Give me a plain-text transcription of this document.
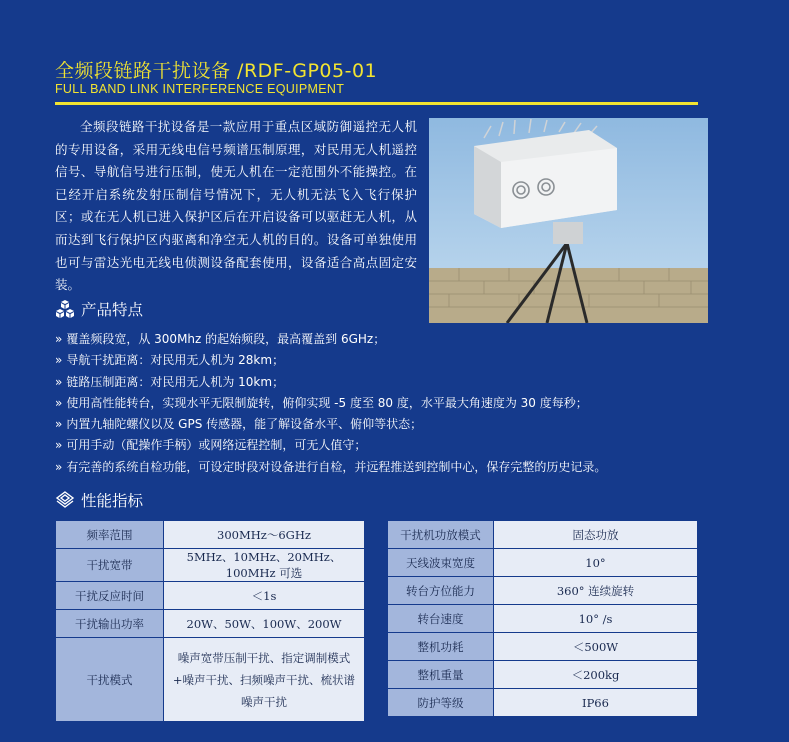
全频段链路干扰设备 /RDF-GP05-01
FULL BAND LINK INTERFERENCE EQUIPMENT

全频段链路干扰设备是一款应用于重点区域防御遥控无人机的专用设备，采用无线电信号频谱压制原理，对民用无人机遥控信号、导航信号进行压制，使无人机在一定范围外不能操控。在已经开启系统发射压制信号情况下，无人机无法飞入飞行保护区；或在无人机已进入保护区后在开启设备可以驱赶无人机，从而达到飞行保护区内驱离和净空无人机的目的。设备可单独使用也可与雷达光电无线电侦测设备配套使用，设备适合高点固定安装。

产品特点
» 覆盖频段宽，从 300Mhz 的起始频段，最高覆盖到 6GHz；
» 导航干扰距离：对民用无人机为 28km；
» 链路压制距离：对民用无人机为 10km；
» 使用高性能转台，实现水平无限制旋转，俯仰实现 -5 度至 80 度，水平最大角速度为 30 度每秒；
» 内置九轴陀螺仪以及 GPS 传感器，能了解设备水平、俯仰等状态；
» 可用手动（配操作手柄）或网络远程控制，可无人值守；
» 有完善的系统自检功能，可设定时段对设备进行自检，并远程推送到控制中心，保存完整的历史记录。
性能指标
频率范围	300MHz～6GHz
干扰宽带	5MHz、10MHz、20MHz、100MHz 可选
干扰反应时间	＜1s
干扰输出功率	20W、50W、100W、200W
干扰模式	噪声宽带压制干扰、指定调制模式+噪声干扰、扫频噪声干扰、梳状谱噪声干扰
干扰机功放模式	固态功放
天线波束宽度	10°
转台方位能力	360° 连续旋转
转台速度	10° /s
整机功耗	＜500W
整机重量	＜200kg
防护等级	IP66
